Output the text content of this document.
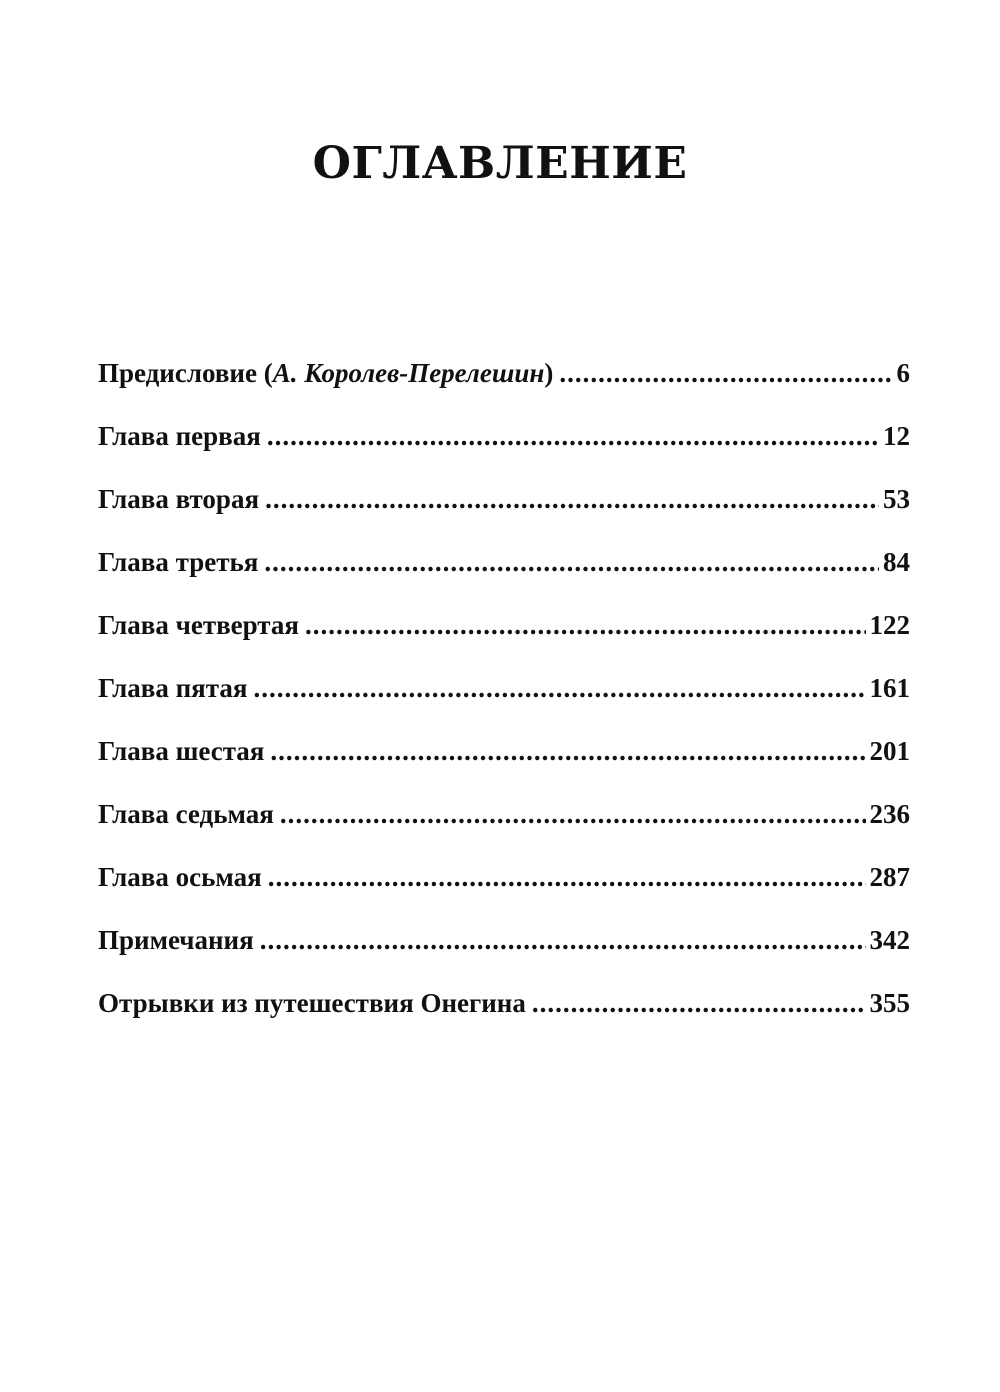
ОГЛАВЛЕНИЕ
Предисловие (А. Королев-Перелешин) .....	6
Глава первая .....	12
Глава вторая .....	53
Глава третья .....	84
Глава четвертая .....	122
Глава пятая .....	161
Глава шестая .....	201
Глава седьмая .....	236
Глава осьмая .....	287
Примечания .....	342
Отрывки из путешествия Онегина .....	355
